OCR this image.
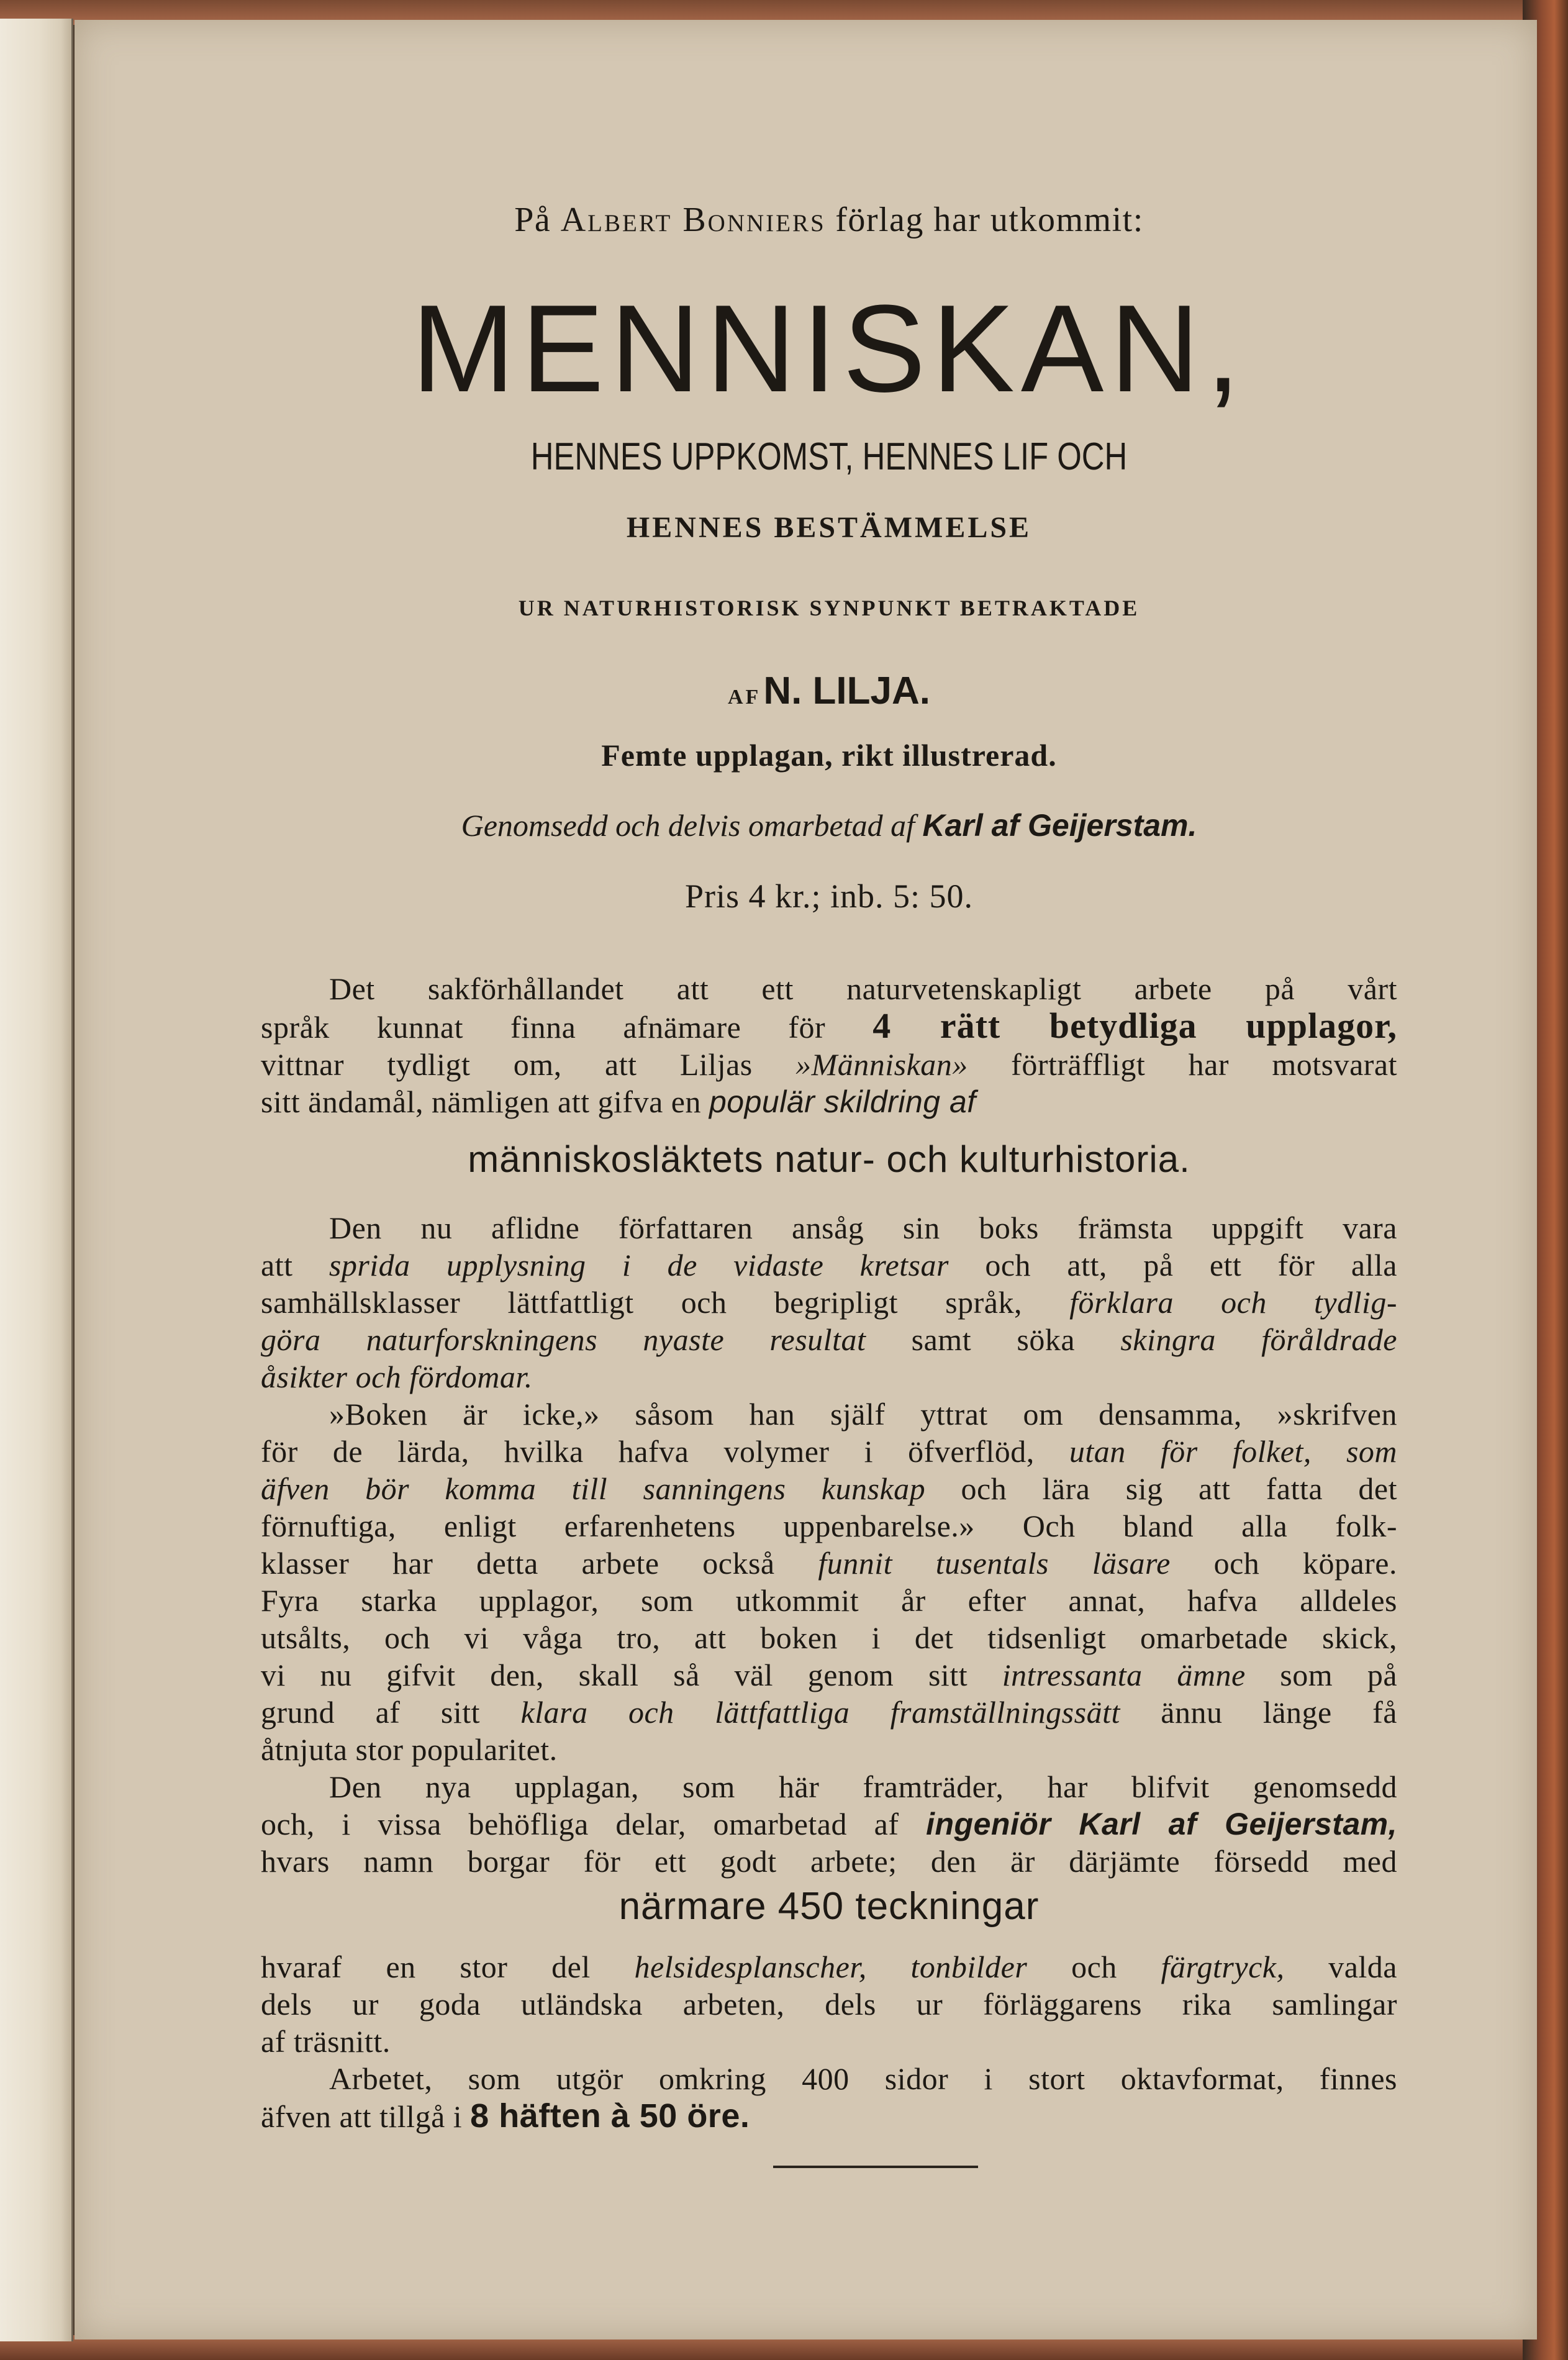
På Albert Bonniers förlag har utkommit:
MENNISKAN,
HENNES UPPKOMST, HENNES LIF OCH
HENNES BESTÄMMELSE
UR NATURHISTORISK SYNPUNKT BETRAKTADE
AF N. LILJA.
Femte upplagan, rikt illustrerad.
Genomsedd och delvis omarbetad af Karl af Geijerstam.
Pris 4 kr.; inb. 5: 50.
Det sakförhållandet att ett naturvetenskapligt arbete på vårt
språk kunnat finna afnämare för 4 rätt betydliga upplagor,
vittnar tydligt om, att Liljas »Människan» förträffligt har motsvarat
sitt ändamål, nämligen att gifva en populär skildring af
människosläktets natur- och kulturhistoria.
Den nu aflidne författaren ansåg sin boks främsta uppgift vara
att sprida upplysning i de vidaste kretsar och att, på ett för alla
samhällsklasser lättfattligt och begripligt språk, förklara och tydlig-
göra naturforskningens nyaste resultat samt söka skingra föråldrade
åsikter och fördomar.
»Boken är icke,» såsom han själf yttrat om densamma, »skrifven
för de lärda, hvilka hafva volymer i öfverflöd, utan för folket, som
äfven bör komma till sanningens kunskap och lära sig att fatta det
förnuftiga, enligt erfarenhetens uppenbarelse.» Och bland alla folk-
klasser har detta arbete också funnit tusentals läsare och köpare.
Fyra starka upplagor, som utkommit år efter annat, hafva alldeles
utsålts, och vi våga tro, att boken i det tidsenligt omarbetade skick,
vi nu gifvit den, skall så väl genom sitt intressanta ämne som på
grund af sitt klara och lättfattliga framställningssätt ännu länge få
åtnjuta stor popularitet.
Den nya upplagan, som här framträder, har blifvit genomsedd
och, i vissa behöfliga delar, omarbetad af ingeniör Karl af Geijerstam,
hvars namn borgar för ett godt arbete; den är därjämte försedd med
närmare 450 teckningar
hvaraf en stor del helsidesplanscher, tonbilder och färgtryck, valda
dels ur goda utländska arbeten, dels ur förläggarens rika samlingar
af träsnitt.
Arbetet, som utgör omkring 400 sidor i stort oktavformat, finnes
äfven att tillgå i 8 häften à 50 öre.
